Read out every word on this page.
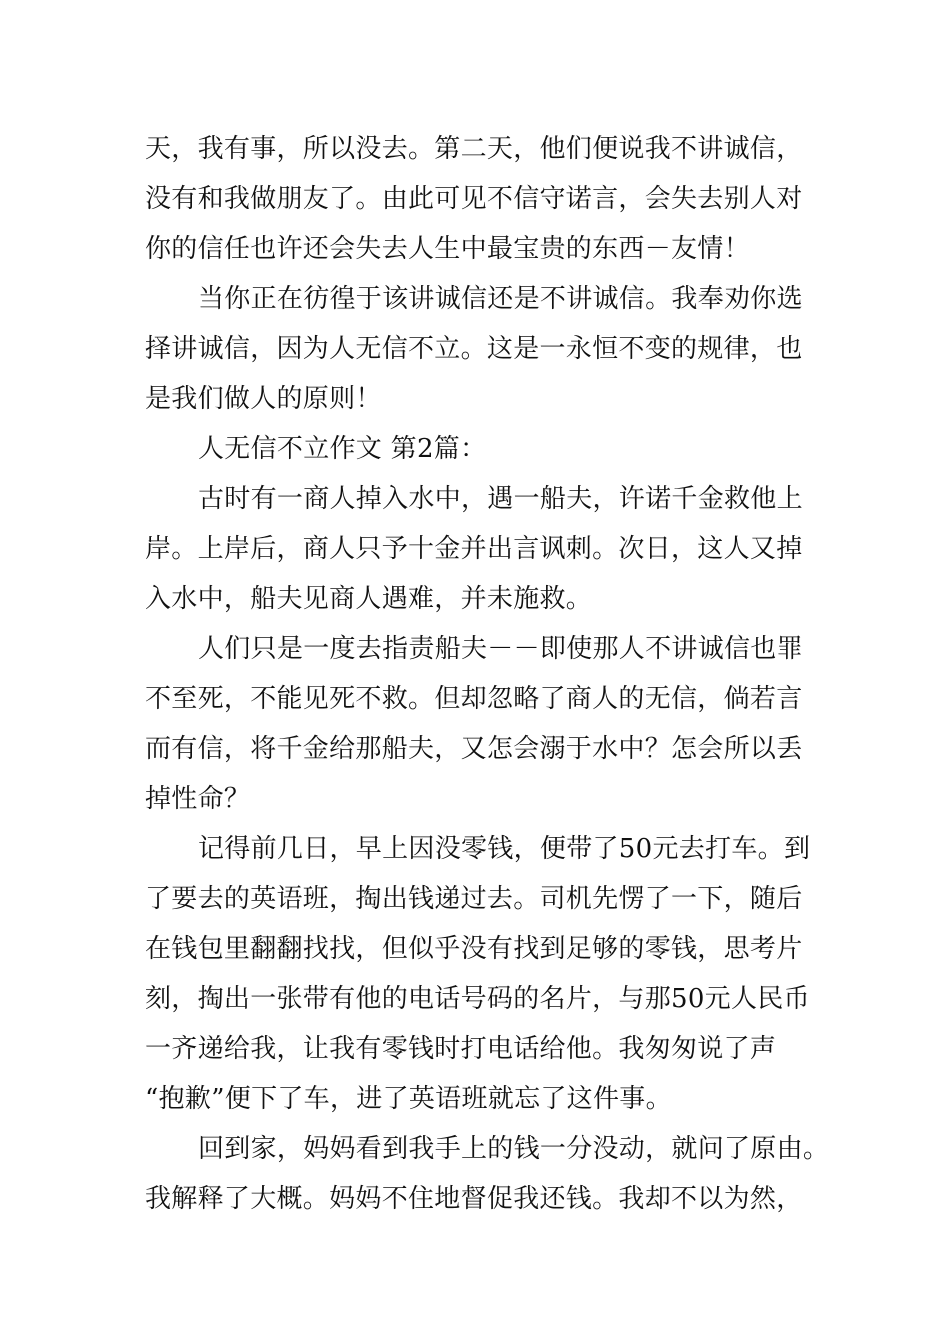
天，我有事，所以没去。第二天，他们便说我不讲诚信，
没有和我做朋友了。由此可见不信守诺言，会失去别人对
你的信任也许还会失去人生中最宝贵的东西－友情！
当你正在彷徨于该讲诚信还是不讲诚信。我奉劝你选
择讲诚信，因为人无信不立。这是一永恒不变的规律，也
是我们做人的原则！
人无信不立作文 第2篇：
古时有一商人掉入水中，遇一船夫，许诺千金救他上
岸。上岸后，商人只予十金并出言讽刺。次日，这人又掉
入水中，船夫见商人遇难，并未施救。
人们只是一度去指责船夫－－即使那人不讲诚信也罪
不至死，不能见死不救。但却忽略了商人的无信，倘若言
而有信，将千金给那船夫，又怎会溺于水中？怎会所以丢
掉性命？
记得前几日，早上因没零钱，便带了50元去打车。到
了要去的英语班，掏出钱递过去。司机先愣了一下，随后
在钱包里翻翻找找，但似乎没有找到足够的零钱，思考片
刻，掏出一张带有他的电话号码的名片，与那50元人民币
一齐递给我，让我有零钱时打电话给他。我匆匆说了声
“抱歉”便下了车，进了英语班就忘了这件事。
回到家，妈妈看到我手上的钱一分没动，就问了原由。
我解释了大概。妈妈不住地督促我还钱。我却不以为然，
